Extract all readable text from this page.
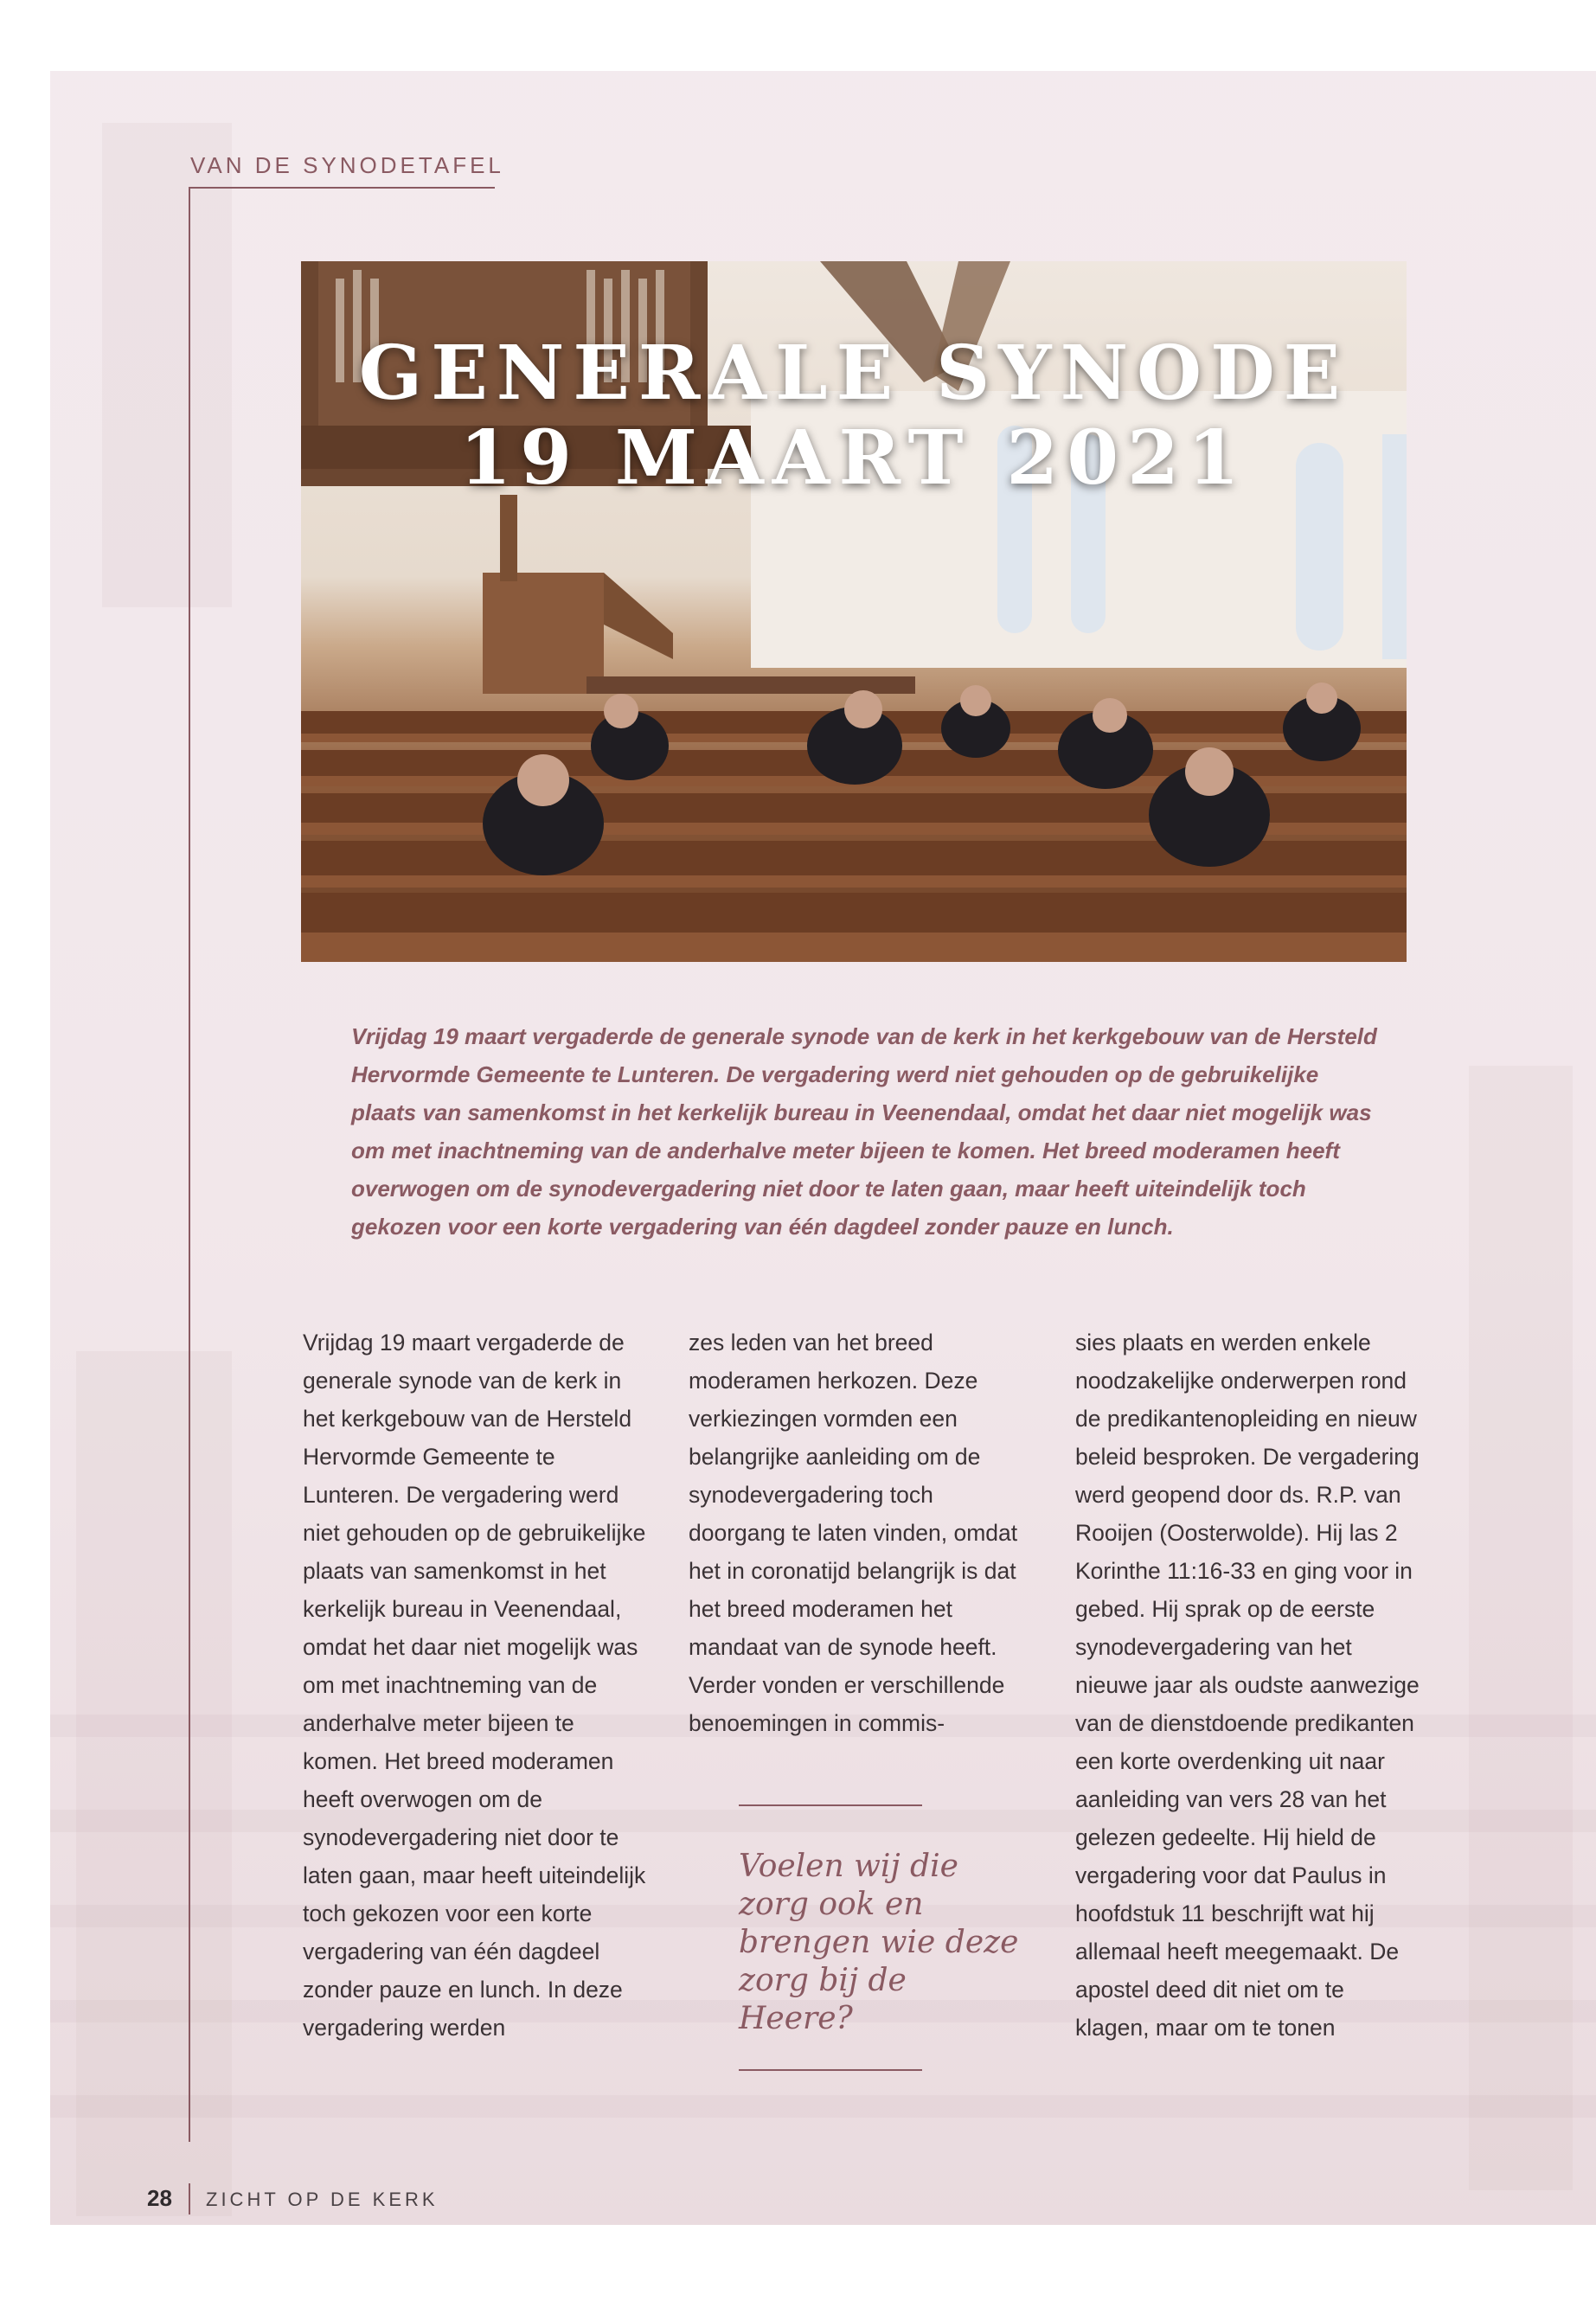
VAN DE SYNODETAFEL
GENERALE SYNODE
19 MAART 2021
Vrijdag 19 maart vergaderde de generale synode van de kerk in het kerkgebouw van de Hersteld Hervormde Gemeente te Lunteren. De vergadering werd niet gehouden op de gebruikelijke plaats van samenkomst in het kerkelijk bureau in Veenendaal, omdat het daar niet mogelijk was om met inachtneming van de anderhalve meter bijeen te komen. Het breed moderamen heeft overwogen om de synodevergadering niet door te laten gaan, maar heeft uiteindelijk toch gekozen voor een korte vergadering van één dagdeel zonder pauze en lunch.

Vrijdag 19 maart vergaderde de generale synode van de kerk in het kerkgebouw van de Hersteld Hervormde Gemeente te Lunteren. De vergadering werd niet gehouden op de gebruikelijke plaats van samenkomst in het kerkelijk bureau in Veenendaal, omdat het daar niet mogelijk was om met inachtneming van de anderhalve meter bijeen te komen. Het breed moderamen heeft overwogen om de synodevergadering niet door te laten gaan, maar heeft uiteindelijk toch gekozen voor een korte vergadering van één dagdeel zonder pauze en lunch. In deze vergadering werden

zes leden van het breed moderamen herkozen. Deze verkiezingen vormden een belangrijke aanleiding om de synodevergadering toch doorgang te laten vinden, omdat het in coronatijd belangrijk is dat het breed moderamen het mandaat van de synode heeft. Verder vonden er verschillende benoemingen in commis-

sies plaats en werden enkele noodzakelijke onderwerpen rond de predikantenopleiding en nieuw beleid besproken. De vergadering werd geopend door ds. R.P. van Rooijen (Oosterwolde). Hij las 2 Korinthe 11:16-33 en ging voor in gebed. Hij sprak op de eerste synodevergadering van het nieuwe jaar als oudste aanwezige van de dienstdoende predikanten een korte overdenking uit naar aanleiding van vers 28 van het gelezen gedeelte. Hij hield de vergadering voor dat Paulus in hoofdstuk 11 beschrijft wat hij allemaal heeft meegemaakt. De apostel deed dit niet om te klagen, maar om te tonen

Voelen wij die zorg ook en brengen wie deze zorg bij de Heere?
28 ZICHT OP DE KERK
